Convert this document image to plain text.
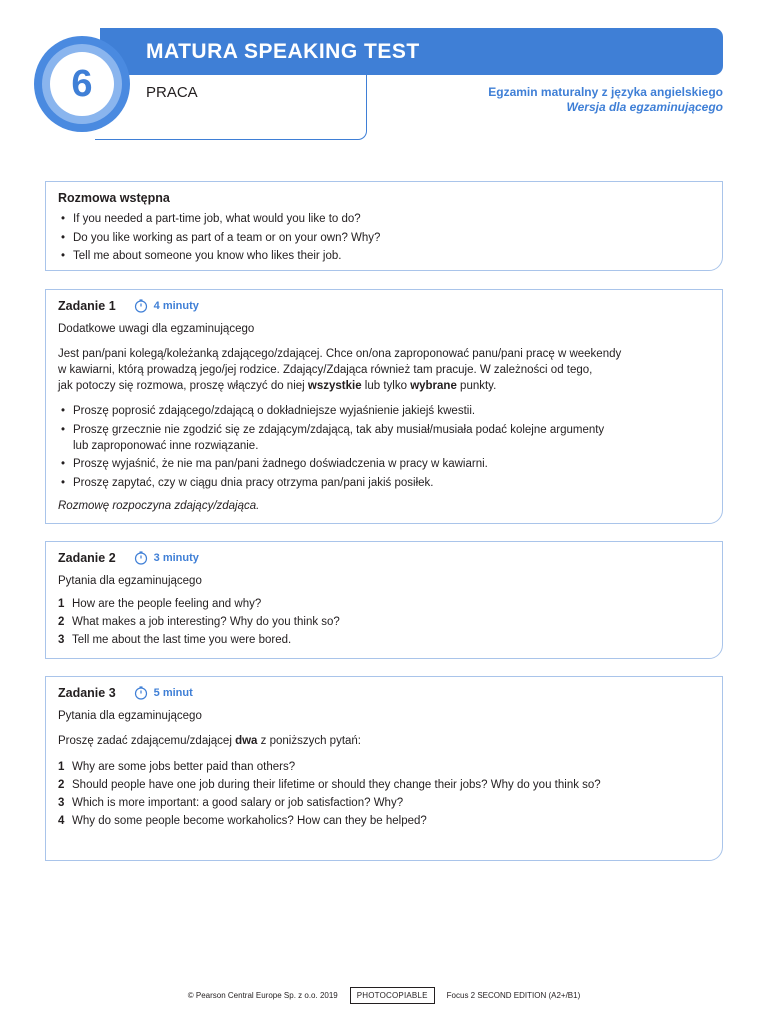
MATURA SPEAKING TEST
PRACA	Egzamin maturalny z języka angielskiego
Wersja dla egzaminującego
6
Rozmowa wstępna
• If you needed a part-time job, what would you like to do?
• Do you like working as part of a team or on your own? Why?
• Tell me about someone you know who likes their job.
Zadanie 1	4 minuty
Dodatkowe uwagi dla egzaminującego
Jest pan/pani kolegą/koleżanką zdającego/zdającej. Chce on/ona zaproponować panu/pani pracę w weekendy
w kawiarni, którą prowadzą jego/jej rodzice. Zdający/Zdająca również tam pracuje. W zależności od tego,
jak potoczy się rozmowa, proszę włączyć do niej wszystkie lub tylko wybrane punkty.
• Proszę poprosić zdającego/zdającą o dokładniejsze wyjaśnienie jakiejś kwestii.
• Proszę grzecznie nie zgodzić się ze zdającym/zdającą, tak aby musiał/musiała podać kolejne argumenty
lub zaproponować inne rozwiązanie.
• Proszę wyjaśnić, że nie ma pan/pani żadnego doświadczenia w pracy w kawiarni.
• Proszę zapytać, czy w ciągu dnia pracy otrzyma pan/pani jakiś posiłek.
Rozmowę rozpoczyna zdający/zdająca.
Zadanie 2	3 minuty
Pytania dla egzaminującego
1 How are the people feeling and why?
2 What makes a job interesting? Why do you think so?
3 Tell me about the last time you were bored.
Zadanie 3	5 minut
Pytania dla egzaminującego
Proszę zadać zdającemu/zdającej dwa z poniższych pytań:
1 Why are some jobs better paid than others?
2 Should people have one job during their lifetime or should they change their jobs? Why do you think so?
3 Which is more important: a good salary or job satisfaction? Why?
4 Why do some people become workaholics? How can they be helped?
© Pearson Central Europe Sp. z o.o. 2019	PHOTOCOPIABLE	Focus 2 SECOND EDITION (A2+/B1)
